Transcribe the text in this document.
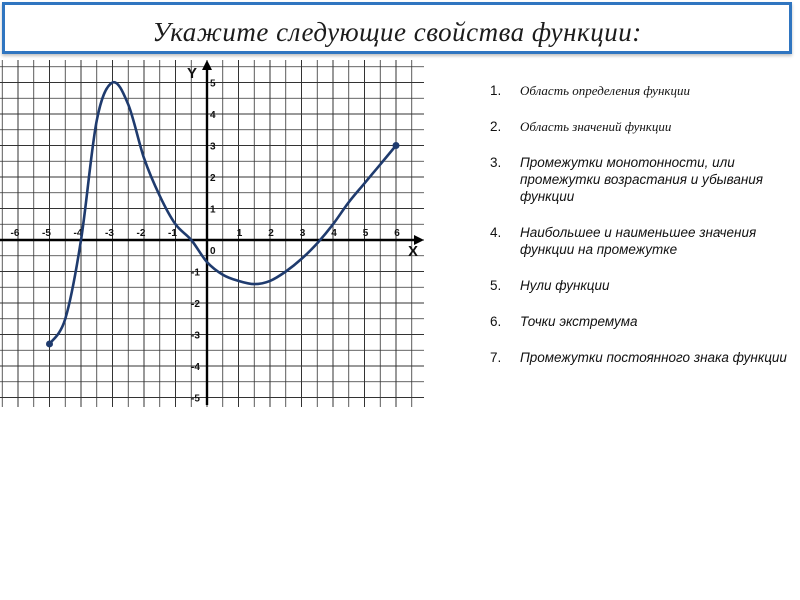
Укажите следующие свойства функции:
X
Y
0
-6 -5 -4 -3 -2 -1	1	2	3	4	5	6
5
4
3
2
1
-1
-2
-3
-4
-5
1. Область определения функции
2. Область значений функции
3. Промежутки монотонности, или промежутки возрастания и убывания функции
4. Наибольшее и наименьшее значения функции на промежутке
5. Нули функции
6. Точки экстремума
7. Промежутки постоянного знака функции
